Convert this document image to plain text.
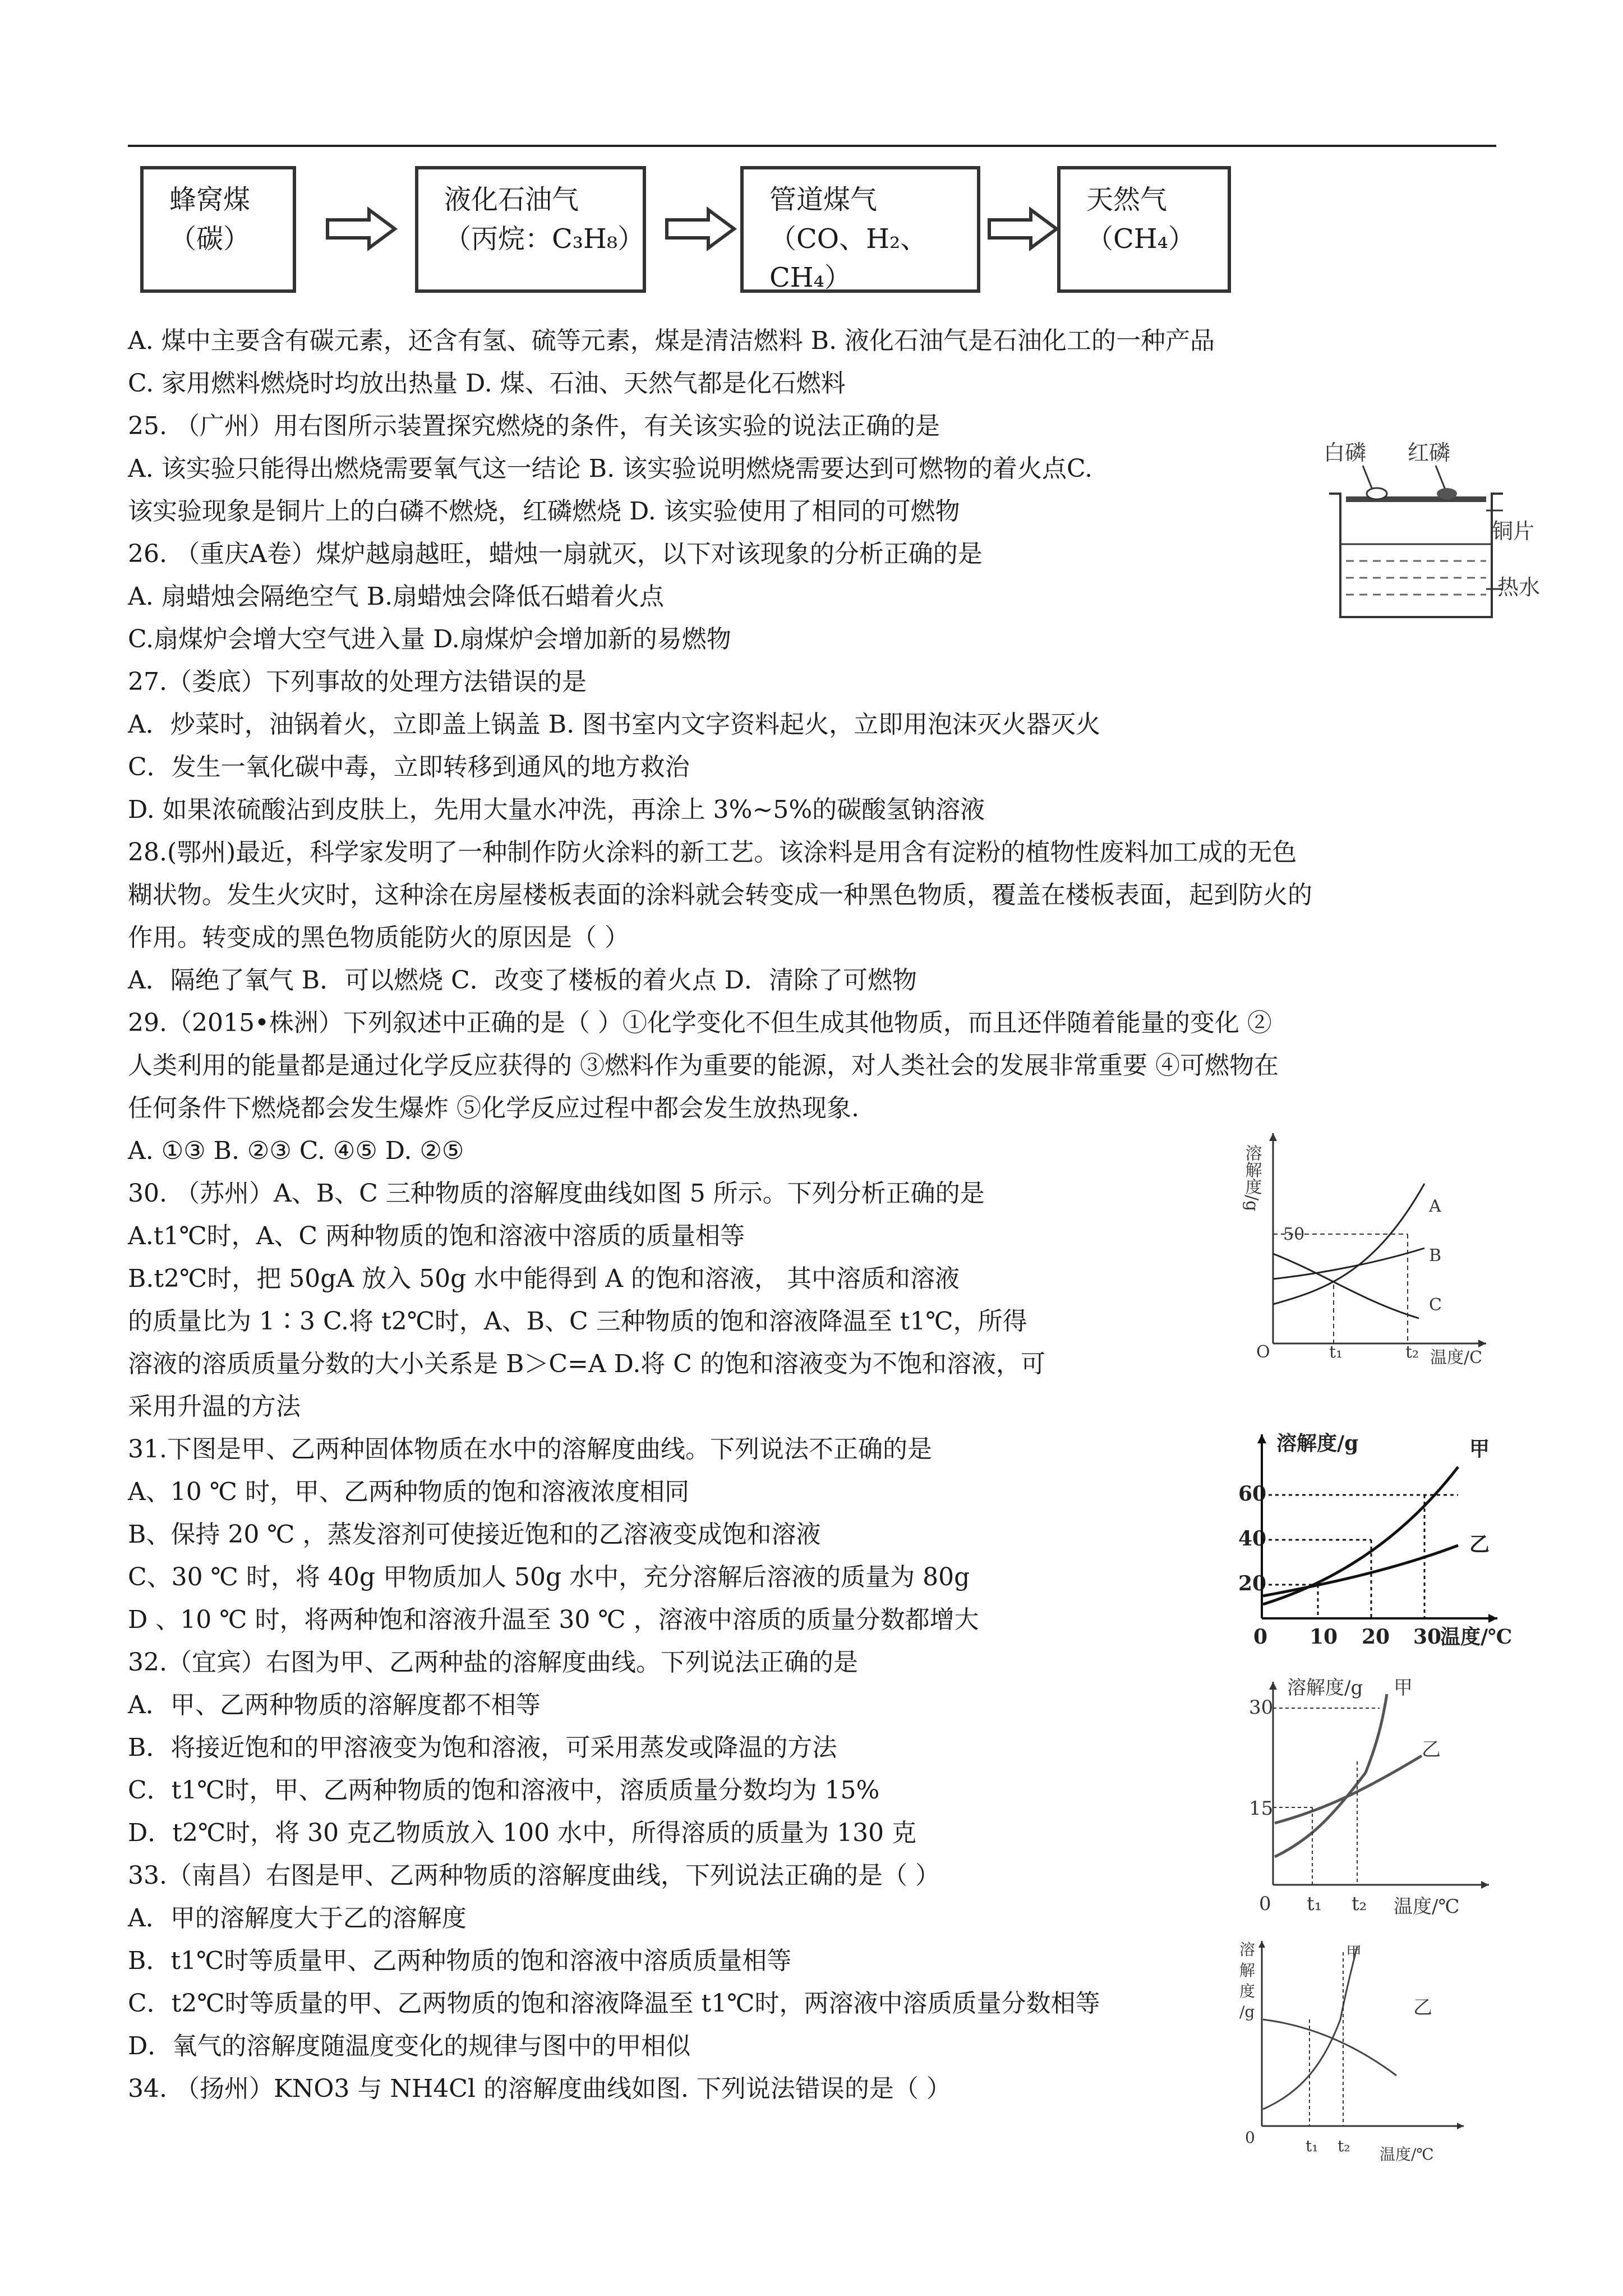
蜂窝煤
（碳）
液化石油气
（丙烷：C₃H₈）
管道煤气
（CO、H₂、CH₄）
天然气
（CH₄）
A. 煤中主要含有碳元素，还含有氢、硫等元素，煤是清洁燃料 B. 液化石油气是石油化工的一种产品
C. 家用燃料燃烧时均放出热量 D. 煤、石油、天然气都是化石燃料
25. （广州）用右图所示装置探究燃烧的条件，有关该实验的说法正确的是
A. 该实验只能得出燃烧需要氧气这一结论 B. 该实验说明燃烧需要达到可燃物的着火点C.
该实验现象是铜片上的白磷不燃烧，红磷燃烧 D. 该实验使用了相同的可燃物
26. （重庆A卷）煤炉越扇越旺，蜡烛一扇就灭，以下对该现象的分析正确的是
A. 扇蜡烛会隔绝空气 B.扇蜡烛会降低石蜡着火点
C.扇煤炉会增大空气进入量 D.扇煤炉会增加新的易燃物
27.（娄底）下列事故的处理方法错误的是
A．炒菜时，油锅着火，立即盖上锅盖 B. 图书室内文字资料起火，立即用泡沫灭火器灭火
C．发生一氧化碳中毒，立即转移到通风的地方救治
D. 如果浓硫酸沾到皮肤上，先用大量水冲洗，再涂上 3%~5%的碳酸氢钠溶液
28.(鄂州)最近，科学家发明了一种制作防火涂料的新工艺。该涂料是用含有淀粉的植物性废料加工成的无色
糊状物。发生火灾时，这种涂在房屋楼板表面的涂料就会转变成一种黑色物质，覆盖在楼板表面，起到防火的
作用。转变成的黑色物质能防火的原因是（ ）
A．隔绝了氧气 B．可以燃烧 C．改变了楼板的着火点 D．清除了可燃物
29.（2015•株洲）下列叙述中正确的是（ ）①化学变化不但生成其他物质，而且还伴随着能量的变化 ②
人类利用的能量都是通过化学反应获得的 ③燃料作为重要的能源，对人类社会的发展非常重要 ④可燃物在
任何条件下燃烧都会发生爆炸 ⑤化学反应过程中都会发生放热现象.
A. ①③ B. ②③ C. ④⑤ D. ②⑤
30. （苏州）A、B、C 三种物质的溶解度曲线如图 5 所示。下列分析正确的是
A.t1℃时，A、C 两种物质的饱和溶液中溶质的质量相等
B.t2℃时，把 50gA 放入 50g 水中能得到 A 的饱和溶液， 其中溶质和溶液
的质量比为 1∶3 C.将 t2℃时，A、B、C 三种物质的饱和溶液降温至 t1℃，所得
溶液的溶质质量分数的大小关系是 B＞C=A D.将 C 的饱和溶液变为不饱和溶液，可
采用升温的方法
31.下图是甲、乙两种固体物质在水中的溶解度曲线。下列说法不正确的是
A、10 ℃ 时，甲、乙两种物质的饱和溶液浓度相同
B、保持 20 ℃ ，蒸发溶剂可使接近饱和的乙溶液变成饱和溶液
C、30 ℃ 时，将 40g 甲物质加人 50g 水中，充分溶解后溶液的质量为 80g
D 、10 ℃ 时，将两种饱和溶液升温至 30 ℃ ，溶液中溶质的质量分数都增大
32.（宜宾）右图为甲、乙两种盐的溶解度曲线。下列说法正确的是
A．甲、乙两种物质的溶解度都不相等
B．将接近饱和的甲溶液变为饱和溶液，可采用蒸发或降温的方法
C．t1℃时，甲、乙两种物质的饱和溶液中，溶质质量分数均为 15%
D．t2℃时，将 30 克乙物质放入 100 水中，所得溶质的质量为 130 克
33.（南昌）右图是甲、乙两种物质的溶解度曲线，下列说法正确的是（ ）
A．甲的溶解度大于乙的溶解度
B．t1℃时等质量甲、乙两种物质的饱和溶液中溶质质量相等
C．t2℃时等质量的甲、乙两物质的饱和溶液降温至 t1℃时，两溶液中溶质质量分数相等
D．氧气的溶解度随温度变化的规律与图中的甲相似
34. （扬州）KNO3 与 NH4Cl 的溶解度曲线如图. 下列说法错误的是（ ）
白磷 红磷
铜片
热水
溶解度/g
50
O	t₁	t₂ 温度/C
A
B
C
溶解度/g	甲
乙
60
40
20
0 10 20 30
温度/℃
溶解度/g 甲
乙
30
15
0 t₁ t₂ 温度/℃
溶
解
度
/g
0
甲
乙
t₁ t₂ 温度/℃
